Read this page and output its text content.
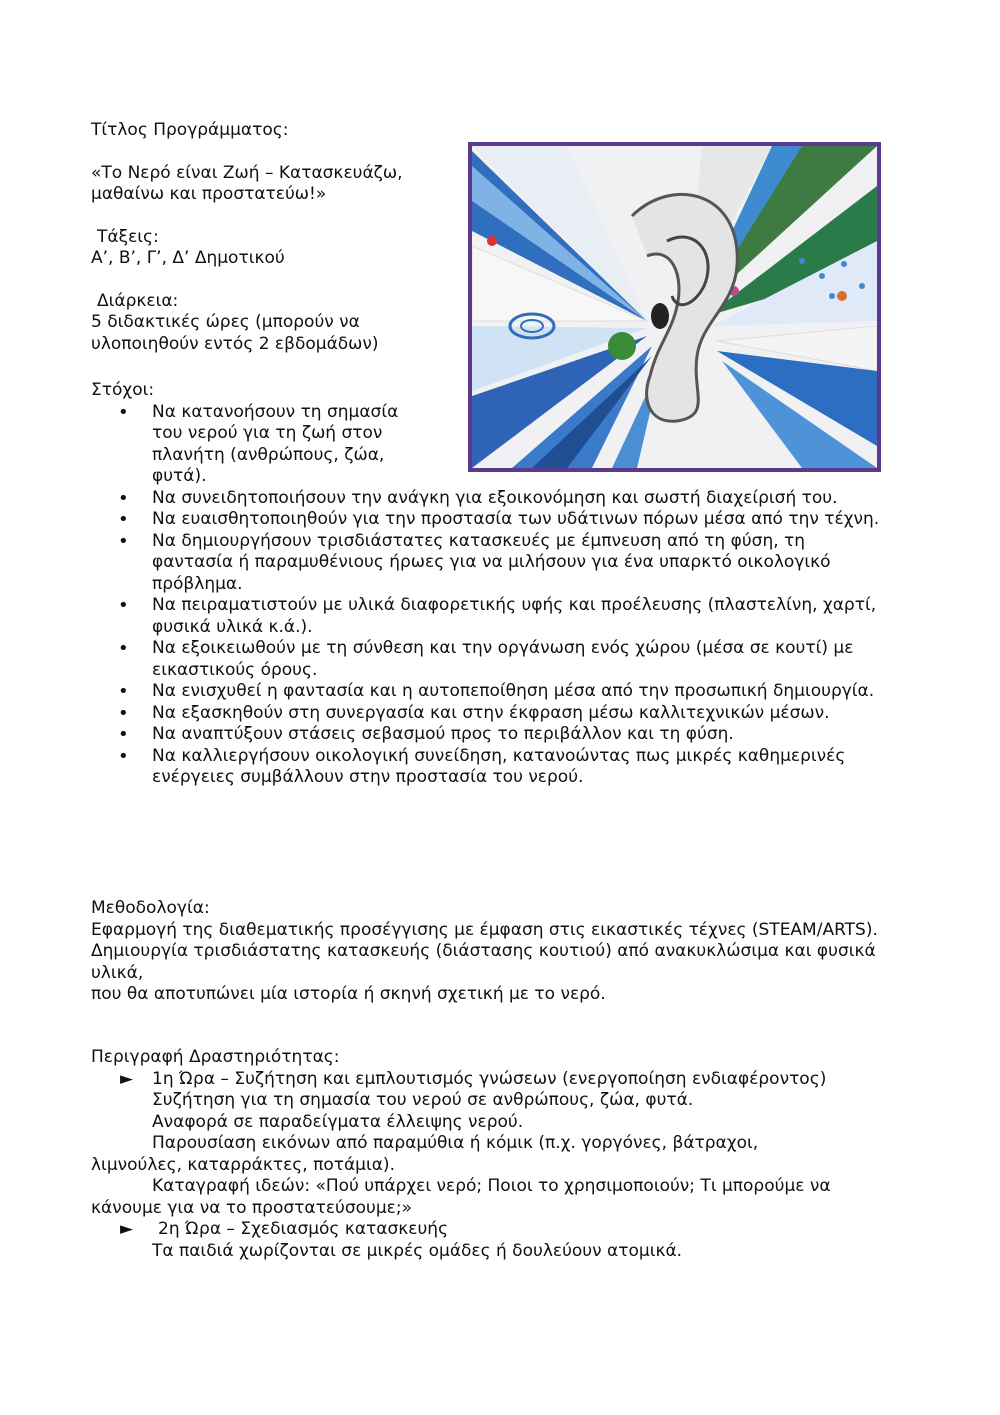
Τίτλος Προγράμματος:

«Το Νερό είναι Ζωή – Κατασκευάζω,

μαθαίνω και προστατεύω!»

Τάξεις:

Α’, Β’, Γ’, Δ’ Δημοτικού

Διάρκεια:

5 διδακτικές ώρες (μπορούν να

υλοποιηθούν εντός 2 εβδομάδων)

Στόχοι:

• Να κατανοήσουν τη σημασία του νερού για τη ζωή στον πλανήτη (ανθρώπους, ζώα, φυτά).
• Να συνειδητοποιήσουν την ανάγκη για εξοικονόμηση και σωστή διαχείρισή του.
• Να ευαισθητοποιηθούν για την προστασία των υδάτινων πόρων μέσα από την τέχνη.
• Να δημιουργήσουν τρισδιάστατες κατασκευές με έμπνευση από τη φύση, τη φαντασία ή παραμυθένιους ήρωες για να μιλήσουν για ένα υπαρκτό οικολογικό πρόβλημα.
• Να πειραματιστούν με υλικά διαφορετικής υφής και προέλευσης (πλαστελίνη, χαρτί, φυσικά υλικά κ.ά.).
• Να εξοικειωθούν με τη σύνθεση και την οργάνωση ενός χώρου (μέσα σε κουτί) με εικαστικούς όρους.
• Να ενισχυθεί η φαντασία και η αυτοπεποίθηση μέσα από την προσωπική δημιουργία.
• Να εξασκηθούν στη συνεργασία και στην έκφραση μέσω καλλιτεχνικών μέσων.
• Να αναπτύξουν στάσεις σεβασμού προς το περιβάλλον και τη φύση.
• Να καλλιεργήσουν οικολογική συνείδηση, κατανοώντας πως μικρές καθημερινές ενέργειες συμβάλλουν στην προστασία του νερού.

Μεθοδολογία:

Εφαρμογή της διαθεματικής προσέγγισης με έμφαση στις εικαστικές τέχνες (STEAM/ARTS).

Δημιουργία τρισδιάστατης κατασκευής (διάστασης κουτιού) από ανακυκλώσιμα και φυσικά υλικά,

που θα αποτυπώνει μία ιστορία ή σκηνή σχετική με το νερό.

Περιγραφή Δραστηριότητας:

► 1η Ώρα – Συζήτηση και εμπλουτισμός γνώσεων (ενεργοποίηση ενδιαφέροντος)

Συζήτηση για τη σημασία του νερού σε ανθρώπους, ζώα, φυτά.

Αναφορά σε παραδείγματα έλλειψης νερού.

Παρουσίαση εικόνων από παραμύθια ή κόμικ (π.χ. γοργόνες, βάτραχοι, λιμνούλες, καταρράκτες, ποτάμια).

Καταγραφή ιδεών: «Πού υπάρχει νερό; Ποιοι το χρησιμοποιούν; Τι μπορούμε να κάνουμε για να το προστατεύσουμε;»

► 2η Ώρα – Σχεδιασμός κατασκευής

Τα παιδιά χωρίζονται σε μικρές ομάδες ή δουλεύουν ατομικά.
